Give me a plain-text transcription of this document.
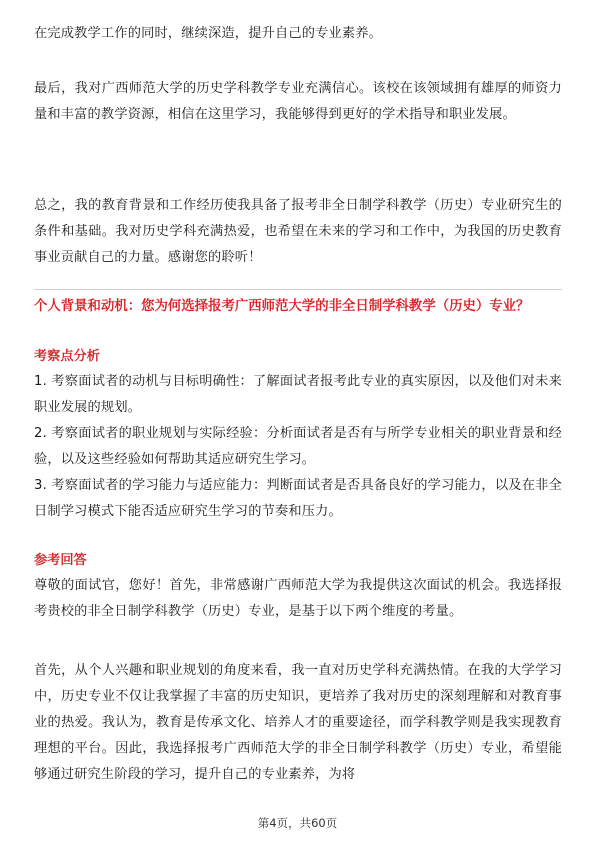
在完成教学工作的同时，继续深造，提升自己的专业素养。

最后，我对广西师范大学的历史学科教学专业充满信心。该校在该领域拥有雄厚的师资力量和丰富的教学资源，相信在这里学习，我能够得到更好的学术指导和职业发展。

总之，我的教育背景和工作经历使我具备了报考非全日制学科教学（历史）专业研究生的条件和基础。我对历史学科充满热爱，也希望在未来的学习和工作中，为我国的历史教育事业贡献自己的力量。感谢您的聆听！

个人背景和动机：您为何选择报考广西师范大学的非全日制学科教学（历史）专业？
考察点分析

1. 考察面试者的动机与目标明确性：了解面试者报考此专业的真实原因，以及他们对未来职业发展的规划。

2. 考察面试者的职业规划与实际经验：分析面试者是否有与所学专业相关的职业背景和经验，以及这些经验如何帮助其适应研究生学习。

3. 考察面试者的学习能力与适应能力：判断面试者是否具备良好的学习能力，以及在非全日制学习模式下能否适应研究生学习的节奏和压力。

参考回答

尊敬的面试官，您好！首先，非常感谢广西师范大学为我提供这次面试的机会。我选择报考贵校的非全日制学科教学（历史）专业，是基于以下两个维度的考量。

首先，从个人兴趣和职业规划的角度来看，我一直对历史学科充满热情。在我的大学学习中，历史专业不仅让我掌握了丰富的历史知识，更培养了我对历史的深刻理解和对教育事业的热爱。我认为，教育是传承文化、培养人才的重要途径，而学科教学则是我实现教育理想的平台。因此，我选择报考广西师范大学的非全日制学科教学（历史）专业，希望能够通过研究生阶段的学习，提升自己的专业素养，为将

第4页，共60页
